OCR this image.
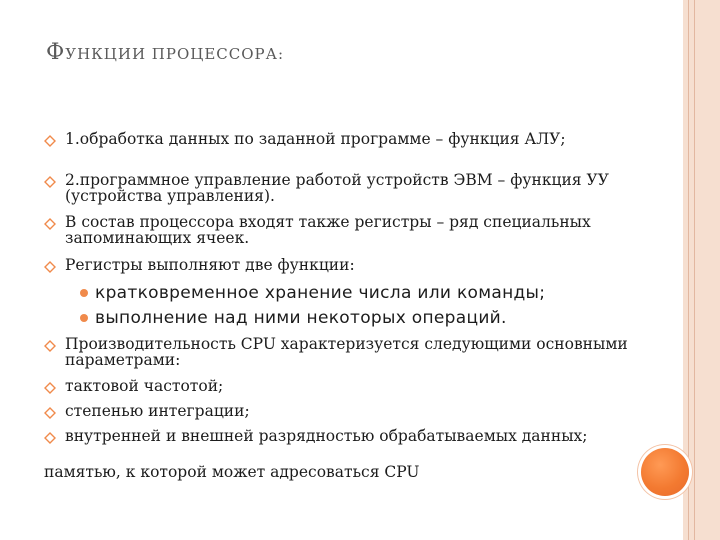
ФУНКЦИИ ПРОЦЕССОРА:
1.обработка данных по заданной программе – функция АЛУ;
2.программное управление работой устройств ЭВМ – функция УУ (устройства управления).
В состав процессора входят также регистры – ряд специальных запоминающих ячеек.
Регистры выполняют две функции:
кратковременное хранение числа или команды;
выполнение над ними некоторых операций.
Производительность CPU характеризуется следующими основными параметрами:
тактовой частотой;
степенью интеграции;
внутренней и внешней разрядностью обрабатываемых данных;
памятью, к которой может адресоваться CPU
